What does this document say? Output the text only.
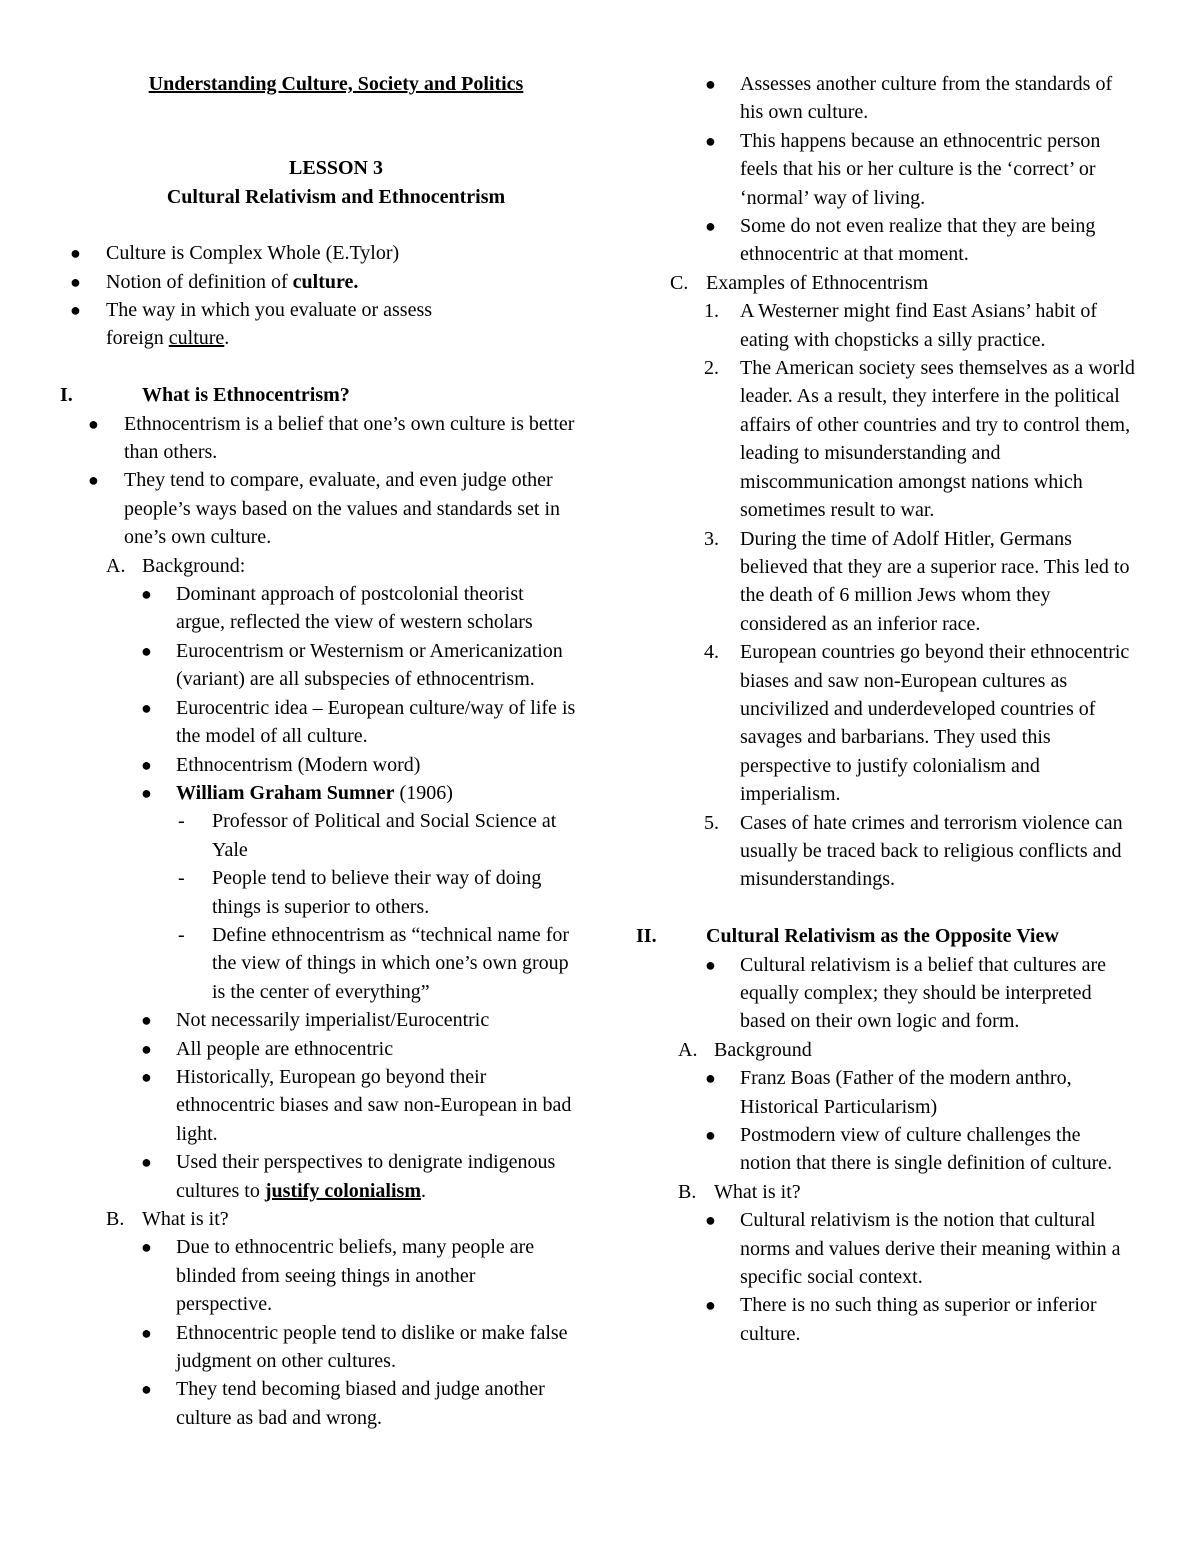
Understanding Culture, Society and Politics
LESSON 3
Cultural Relativism and Ethnocentrism
● Culture is Complex Whole (E.Tylor)
● Notion of definition of culture.
● The way in which you evaluate or assess
foreign culture.
I.	What is Ethnocentrism?
● Ethnocentrism is a belief that one’s own culture is better than others.
● They tend to compare, evaluate, and even judge other people’s ways based on the values and standards set in one’s own culture.
A. Background:
● Dominant approach of postcolonial theorist argue, reflected the view of western scholars
● Eurocentrism or Westernism or Americanization (variant) are all subspecies of ethnocentrism.
● Eurocentric idea – European culture/way of life is the model of all culture.
● Ethnocentrism (Modern word)
● William Graham Sumner (1906)
- Professor of Political and Social Science at Yale
- People tend to believe their way of doing things is superior to others.
- Define ethnocentrism as “technical name for the view of things in which one’s own group is the center of everything”
● Not necessarily imperialist/Eurocentric
● All people are ethnocentric
● Historically, European go beyond their ethnocentric biases and saw non-European in bad light.
● Used their perspectives to denigrate indigenous cultures to justify colonialism.
B. What is it?
● Due to ethnocentric beliefs, many people are blinded from seeing things in another perspective.
● Ethnocentric people tend to dislike or make false judgment on other cultures.
● They tend becoming biased and judge another culture as bad and wrong.
● Assesses another culture from the standards of his own culture.
● This happens because an ethnocentric person feels that his or her culture is the ‘correct’ or ‘normal’ way of living.
● Some do not even realize that they are being ethnocentric at that moment.
C. Examples of Ethnocentrism
1. A Westerner might find East Asians’ habit of eating with chopsticks a silly practice.
2. The American society sees themselves as a world leader. As a result, they interfere in the political affairs of other countries and try to control them, leading to misunderstanding and miscommunication amongst nations which sometimes result to war.
3. During the time of Adolf Hitler, Germans believed that they are a superior race. This led to the death of 6 million Jews whom they considered as an inferior race.
4. European countries go beyond their ethnocentric biases and saw non-European cultures as uncivilized and underdeveloped countries of savages and barbarians. They used this perspective to justify colonialism and imperialism.
5. Cases of hate crimes and terrorism violence can usually be traced back to religious conflicts and misunderstandings.
II. Cultural Relativism as the Opposite View
● Cultural relativism is a belief that cultures are equally complex; they should be interpreted based on their own logic and form.
A. Background
● Franz Boas (Father of the modern anthro, Historical Particularism)
● Postmodern view of culture challenges the notion that there is single definition of culture.
B. What is it?
● Cultural relativism is the notion that cultural norms and values derive their meaning within a specific social context.
● There is no such thing as superior or inferior culture.
